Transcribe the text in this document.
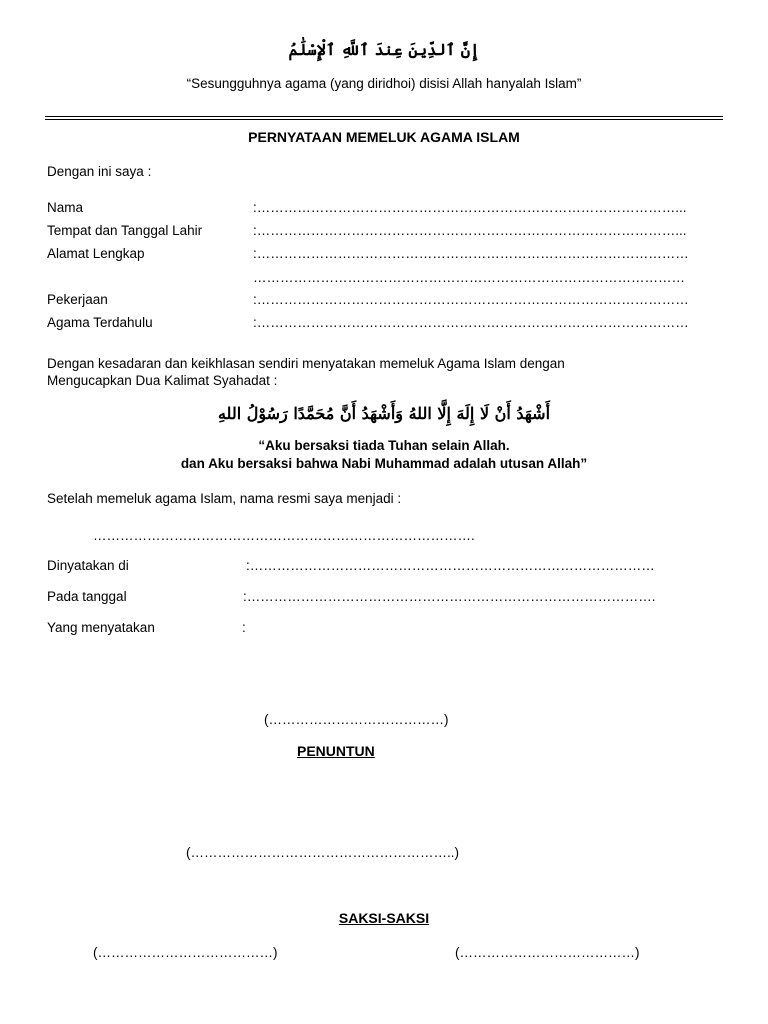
إِنَّ ٱلدِّينَ عِندَ ٱللَّهِ ٱلْإِسْلَٰمُ
“Sesungguhnya agama (yang diridhoi) disisi Allah hanyalah Islam”
PERNYATAAN MEMELUK AGAMA ISLAM
Dengan ini saya :
Nama	:…………………………………………………………………………………...
Tempat dan Tanggal Lahir	:…………………………………………………………………………………...
Alamat Lengkap	:……………………………………………………………………………………
……………………………………………………………………………………
Pekerjaan	:……………………………………………………………………………………
Agama Terdahulu	:……………………………………………………………………………………
Dengan kesadaran dan keikhlasan sendiri menyatakan memeluk Agama Islam dengan
Mengucapkan Dua Kalimat Syahadat :
أَشْهَدُ أَنْ لَا إِلَهَ إِلَّا اللهُ وَأَشْهَدُ أَنَّ مُحَمَّدًا رَسُوْلُ اللهِ
“Aku bersaksi tiada Tuhan selain Allah.
dan Aku bersaksi bahwa Nabi Muhammad adalah utusan Allah”
Setelah memeluk agama Islam, nama resmi saya menjadi :
………………………………………………………………………….
Dinyatakan di	:………………………………………………………………………………
Pada tanggal	:……………………………………………………………………………….
Yang menyatakan	:
(…………………………………)
PENUNTUN
(…………………………………………………..)
SAKSI-SAKSI
(…………………………………)	(…………………………………)
